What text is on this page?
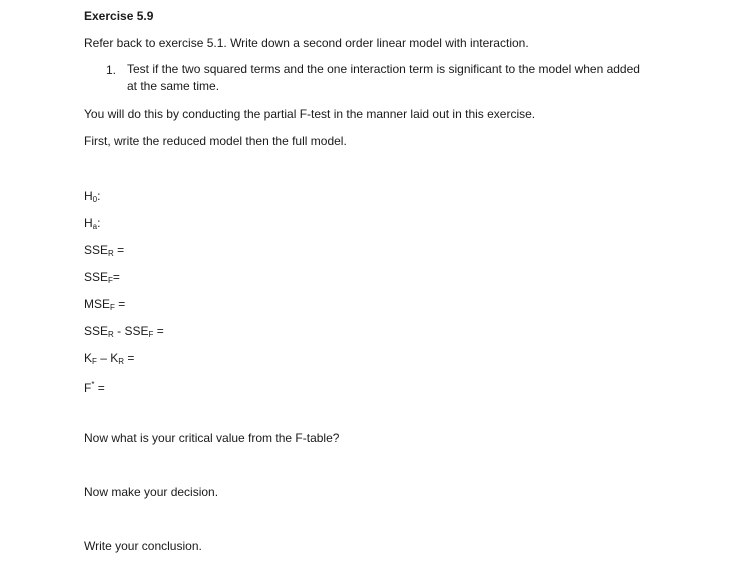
Exercise 5.9
Refer back to exercise 5.1. Write down a second order linear model with interaction.
1. Test if the two squared terms and the one interaction term is significant to the model when added at the same time.
You will do this by conducting the partial F-test in the manner laid out in this exercise.
First, write the reduced model then the full model.
$H_0$:
$H_a$:
$SSE_R$ =
$SSE_F=$
$MSE_F$ =
$SSE_R - SSE_F$ =
$K_F - K_R$ =
F* =
Now what is your critical value from the F-table?
Now make your decision.
Write your conclusion.
